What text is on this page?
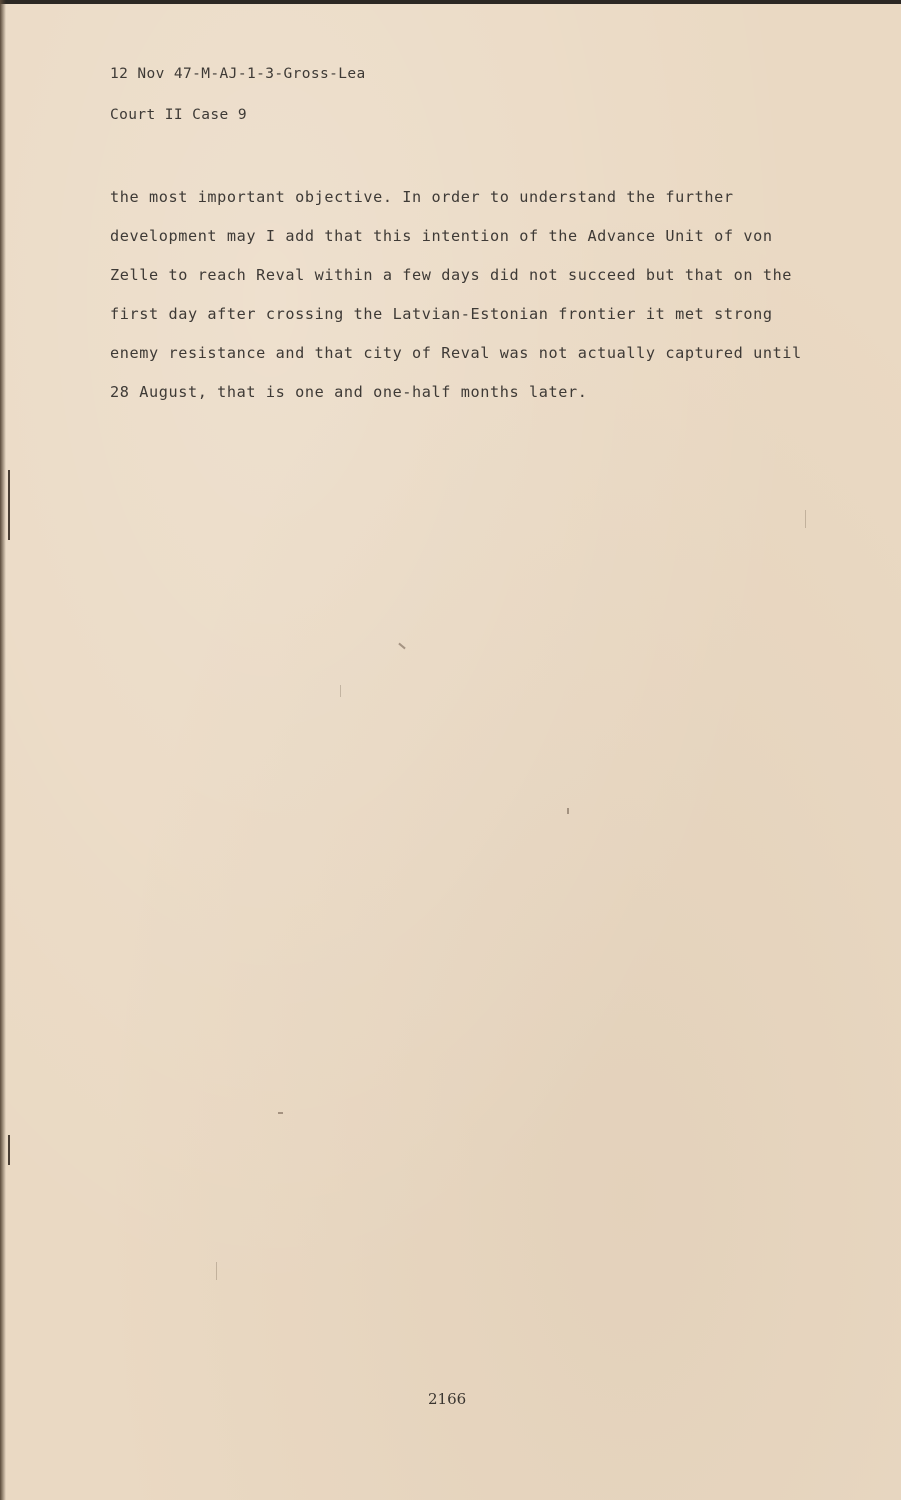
12 Nov 47-M-AJ-1-3-Gross-Lea
Court II Case 9
the most important objective. In order to understand the further
development may I add that this intention of the Advance Unit of von
Zelle to reach Reval within a few days did not succeed but that on the
first day after crossing the Latvian-Estonian frontier it met strong
enemy resistance and that city of Reval was not actually captured until
28 August, that is one and one-half months later.
2166
